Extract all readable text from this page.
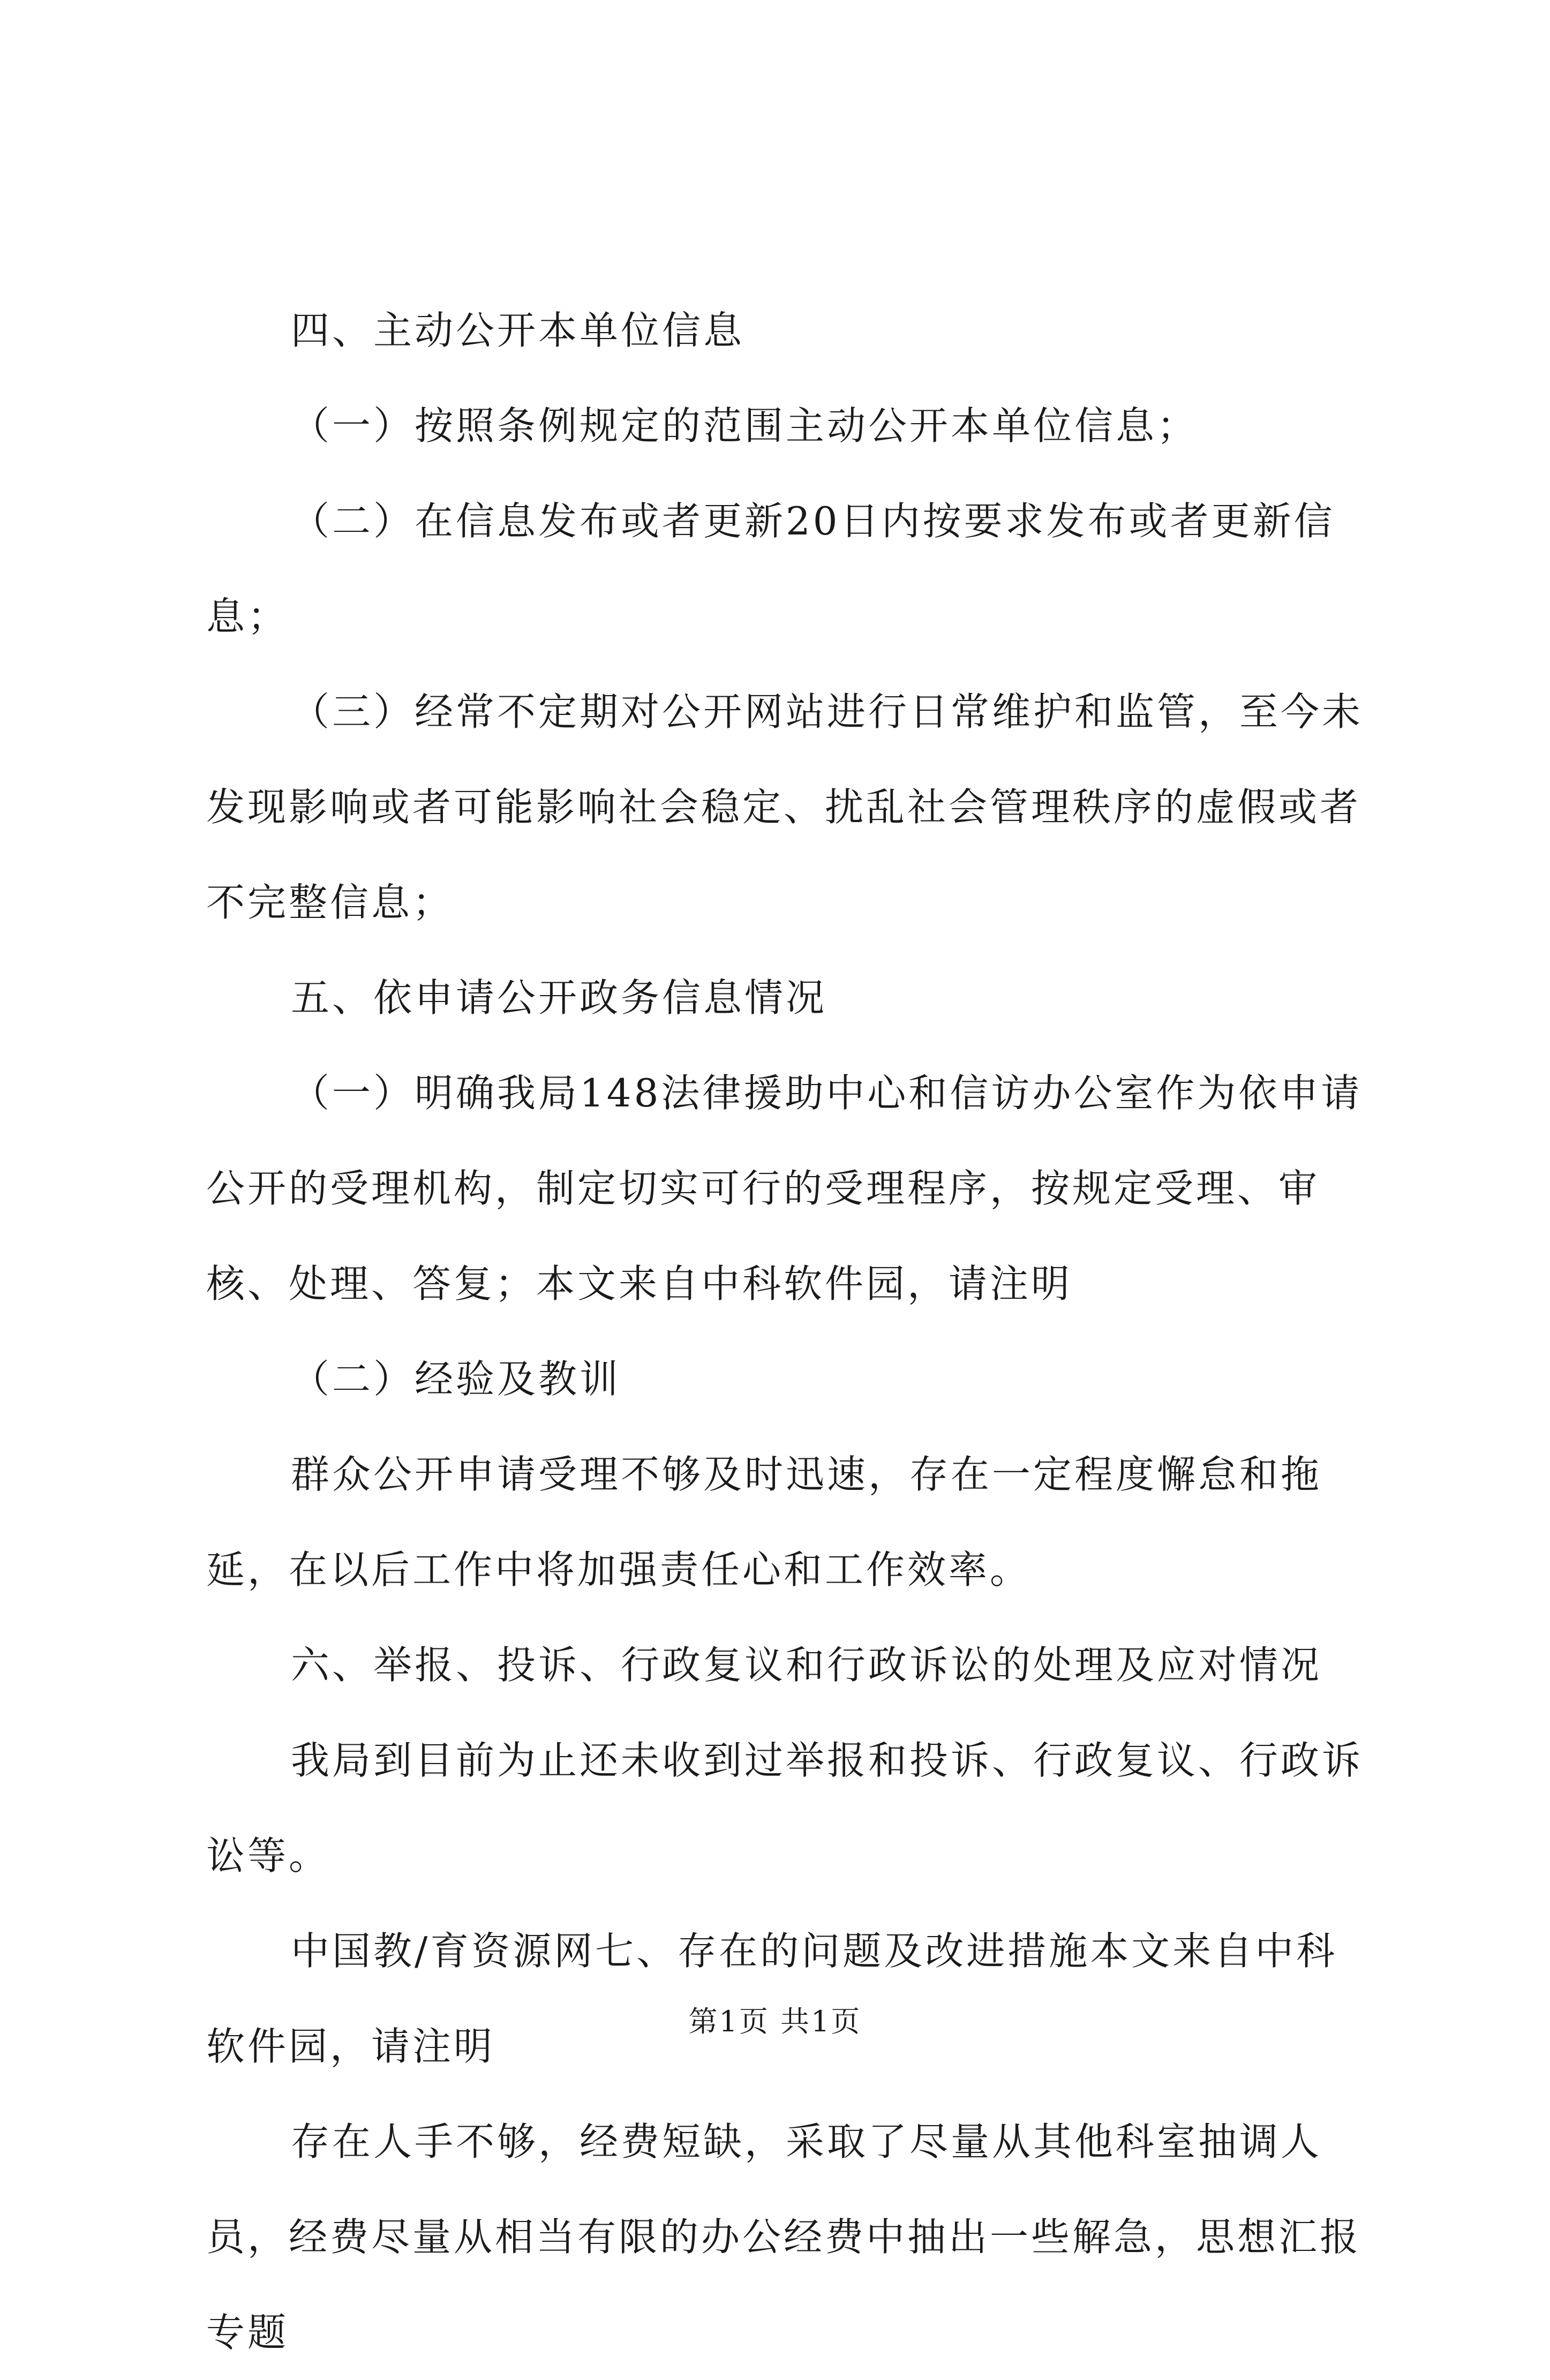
四、主动公开本单位信息

（一）按照条例规定的范围主动公开本单位信息；

（二）在信息发布或者更新20日内按要求发布或者更新信息；

（三）经常不定期对公开网站进行日常维护和监管，至今未发现影响或者可能影响社会稳定、扰乱社会管理秩序的虚假或者不完整信息；

五、依申请公开政务信息情况

（一）明确我局148法律援助中心和信访办公室作为依申请公开的受理机构，制定切实可行的受理程序，按规定受理、审核、处理、答复；本文来自中科软件园，请注明

（二）经验及教训

群众公开申请受理不够及时迅速，存在一定程度懈怠和拖延，在以后工作中将加强责任心和工作效率。

六、举报、投诉、行政复议和行政诉讼的处理及应对情况

我局到目前为止还未收到过举报和投诉、行政复议、行政诉讼等。

中国教/育资源网七、存在的问题及改进措施本文来自中科软件园，请注明

存在人手不够，经费短缺，采取了尽量从其他科室抽调人员，经费尽量从相当有限的办公经费中抽出一些解急，思想汇报专题

第1页 共1页
